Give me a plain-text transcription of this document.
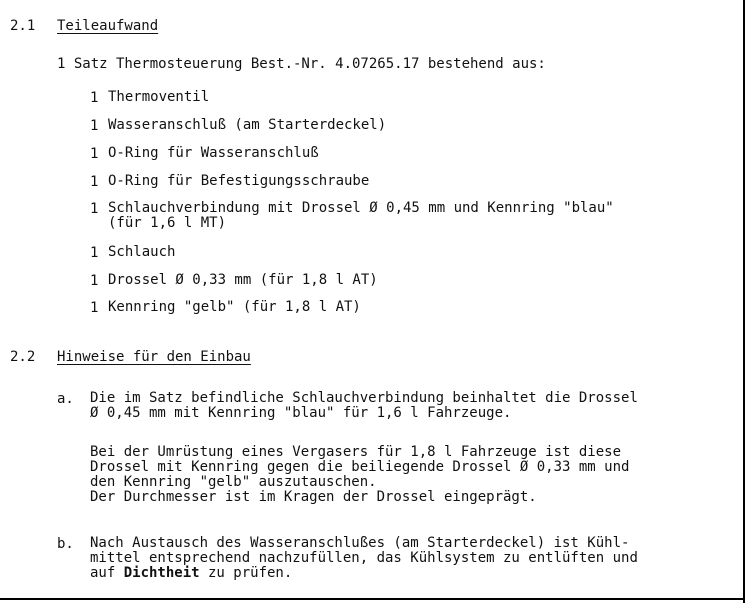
2.1 Teileaufwand
1 Satz Thermosteuerung Best.-Nr. 4.07265.17 bestehend aus:
1 Thermoventil
1 Wasseranschluß (am Starterdeckel)
1 O-Ring für Wasseranschluß
1 O-Ring für Befestigungsschraube
1 Schlauchverbindung mit Drossel Ø 0,45 mm und Kennring "blau"
(für 1,6 l MT)
1 Schlauch
1 Drossel Ø 0,33 mm (für 1,8 l AT)
1 Kennring "gelb" (für 1,8 l AT)
2.2 Hinweise für den Einbau
a. Die im Satz befindliche Schlauchverbindung beinhaltet die Drossel
Ø 0,45 mm mit Kennring "blau" für 1,6 l Fahrzeuge.
Bei der Umrüstung eines Vergasers für 1,8 l Fahrzeuge ist diese
Drossel mit Kennring gegen die beiliegende Drossel Ø 0,33 mm und
den Kennring "gelb" auszutauschen.
Der Durchmesser ist im Kragen der Drossel eingeprägt.
b. Nach Austausch des Wasseranschlußes (am Starterdeckel) ist Kühl-
mittel entsprechend nachzufüllen, das Kühlsystem zu entlüften und
auf Dichtheit zu prüfen.
